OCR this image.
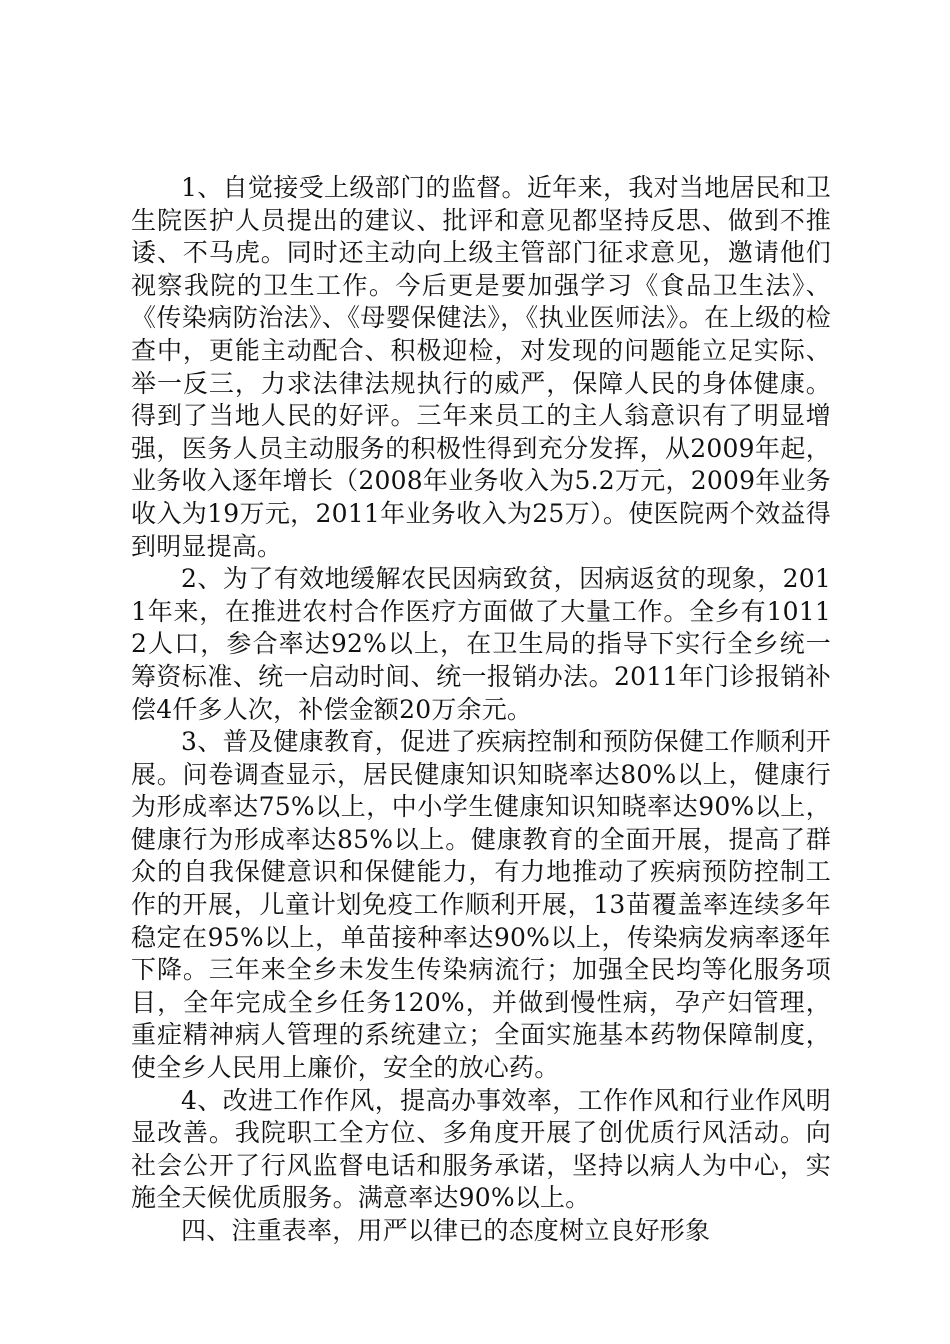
1、自觉接受上级部门的监督。近年来，我对当地居民和卫生院医护人员提出的建议、批评和意见都坚持反思、做到不推诿、不马虎。同时还主动向上级主管部门征求意见，邀请他们视察我院的卫生工作。今后更是要加强学习《食品卫生法》、《传染病防治法》、《母婴保健法》，《执业医师法》。在上级的检查中，更能主动配合、积极迎检，对发现的问题能立足实际、举一反三，力求法律法规执行的威严，保障人民的身体健康。得到了当地人民的好评。三年来员工的主人翁意识有了明显增强，医务人员主动服务的积极性得到充分发挥，从2009年起，业务收入逐年增长（2008年业务收入为5.2万元，2009年业务收入为19万元，2011年业务收入为25万）。使医院两个效益得到明显提高。

2、为了有效地缓解农民因病致贫，因病返贫的现象，2011年来，在推进农村合作医疗方面做了大量工作。全乡有10112人口，参合率达92%以上，在卫生局的指导下实行全乡统一筹资标准、统一启动时间、统一报销办法。2011年门诊报销补偿4仟多人次，补偿金额20万余元。

3、普及健康教育，促进了疾病控制和预防保健工作顺利开展。问卷调查显示，居民健康知识知晓率达80%以上，健康行为形成率达75%以上，中小学生健康知识知晓率达90%以上，健康行为形成率达85%以上。健康教育的全面开展，提高了群众的自我保健意识和保健能力，有力地推动了疾病预防控制工作的开展，儿童计划免疫工作顺利开展，13苗覆盖率连续多年稳定在95%以上，单苗接种率达90%以上，传染病发病率逐年下降。三年来全乡未发生传染病流行；加强全民均等化服务项目，全年完成全乡任务120%，并做到慢性病，孕产妇管理，重症精神病人管理的系统建立；全面实施基本药物保障制度，使全乡人民用上廉价，安全的放心药。

4、改进工作作风，提高办事效率，工作作风和行业作风明显改善。我院职工全方位、多角度开展了创优质行风活动。向社会公开了行风监督电话和服务承诺，坚持以病人为中心，实施全天候优质服务。满意率达90%以上。

四、注重表率，用严以律已的态度树立良好形象
